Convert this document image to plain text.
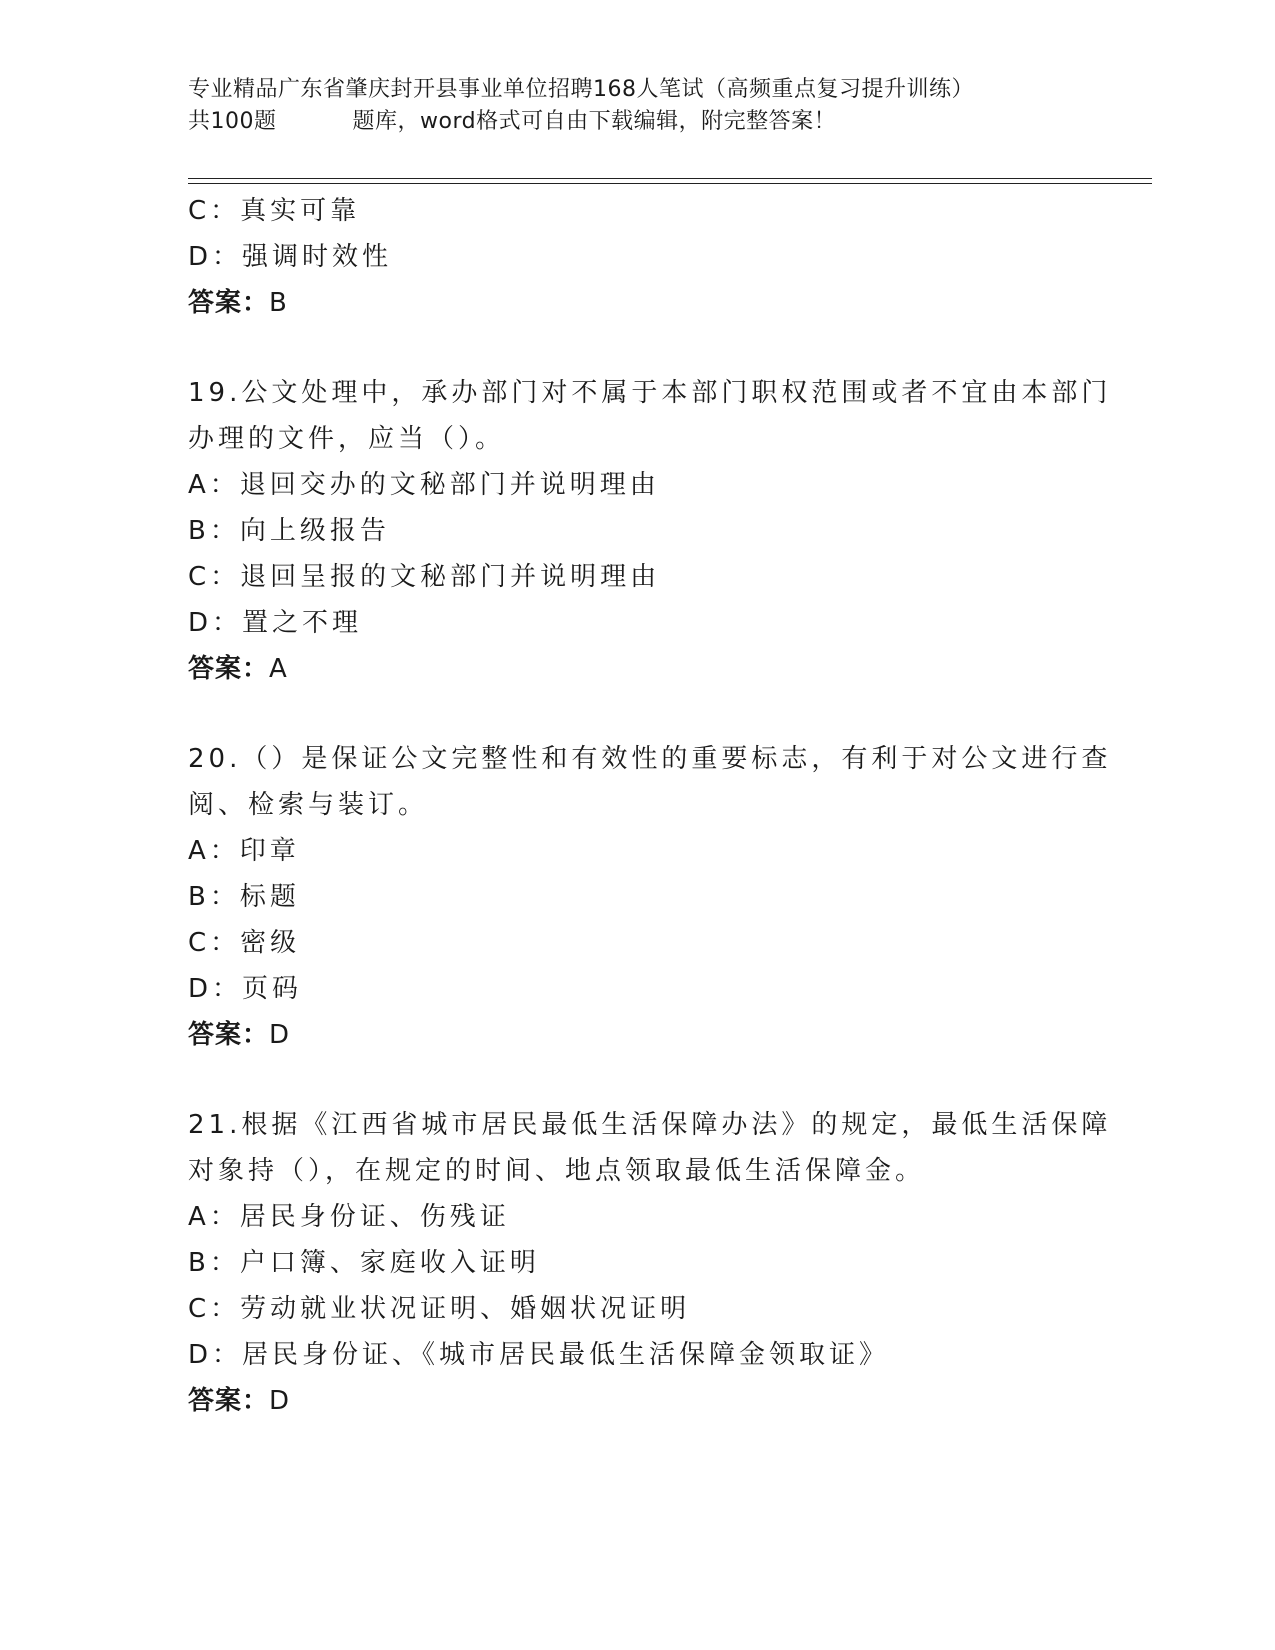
专业精品广东省肇庆封开县事业单位招聘168人笔试（高频重点复习提升训练）
共100题	题库，word格式可自由下载编辑，附完整答案！
C：真实可靠
D：强调时效性
答案：B
19.公文处理中，承办部门对不属于本部门职权范围或者不宜由本部门
办理的文件，应当（）。
A：退回交办的文秘部门并说明理由
B：向上级报告
C：退回呈报的文秘部门并说明理由
D：置之不理
答案：A
20.（）是保证公文完整性和有效性的重要标志，有利于对公文进行查
阅、检索与装订。
A：印章
B：标题
C：密级
D：页码
答案：D
21.根据《江西省城市居民最低生活保障办法》的规定，最低生活保障
对象持（），在规定的时间、地点领取最低生活保障金。
A：居民身份证、伤残证
B：户口簿、家庭收入证明
C：劳动就业状况证明、婚姻状况证明
D：居民身份证、《城市居民最低生活保障金领取证》
答案：D
